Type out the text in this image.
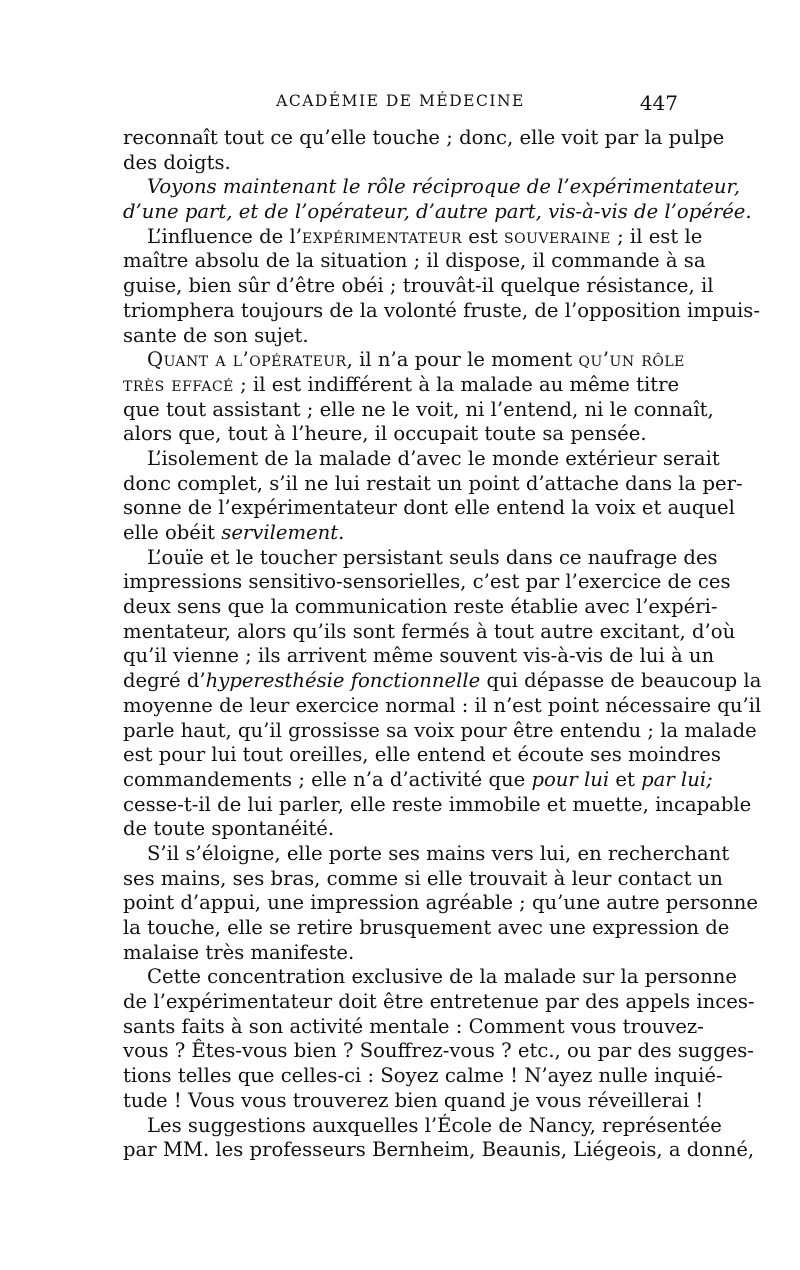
ACADÉMIE DE MÉDECINE	447
reconnaît tout ce qu’elle touche ; donc, elle voit par la pulpe
des doigts.
Voyons maintenant le rôle réciproque de l’expérimentateur,
d’une part, et de l’opérateur, d’autre part, vis-à-vis de l’opérée.
L’influence de l’expérimentateur est souveraine ; il est le
maître absolu de la situation ; il dispose, il commande à sa
guise, bien sûr d’être obéi ; trouvât-il quelque résistance, il
triomphera toujours de la volonté fruste, de l’opposition impuis-
sante de son sujet.
Quant a l’opérateur, il n’a pour le moment qu’un rôle
très effacé ; il est indifférent à la malade au même titre
que tout assistant ; elle ne le voit, ni l’entend, ni le connaît,
alors que, tout à l’heure, il occupait toute sa pensée.
L’isolement de la malade d’avec le monde extérieur serait
donc complet, s’il ne lui restait un point d’attache dans la per-
sonne de l’expérimentateur dont elle entend la voix et auquel
elle obéit servilement.
L’ouïe et le toucher persistant seuls dans ce naufrage des
impressions sensitivo-sensorielles, c’est par l’exercice de ces
deux sens que la communication reste établie avec l’expéri-
mentateur, alors qu’ils sont fermés à tout autre excitant, d’où
qu’il vienne ; ils arrivent même souvent vis-à-vis de lui à un
degré d’hyperesthésie fonctionnelle qui dépasse de beaucoup la
moyenne de leur exercice normal : il n’est point nécessaire qu’il
parle haut, qu’il grossisse sa voix pour être entendu ; la malade
est pour lui tout oreilles, elle entend et écoute ses moindres
commandements ; elle n’a d’activité que pour lui et par lui;
cesse-t-il de lui parler, elle reste immobile et muette, incapable
de toute spontanéité.
S’il s’éloigne, elle porte ses mains vers lui, en recherchant
ses mains, ses bras, comme si elle trouvait à leur contact un
point d’appui, une impression agréable ; qu’une autre personne
la touche, elle se retire brusquement avec une expression de
malaise très manifeste.
Cette concentration exclusive de la malade sur la personne
de l’expérimentateur doit être entretenue par des appels inces-
sants faits à son activité mentale : Comment vous trouvez-
vous ? Êtes-vous bien ? Souffrez-vous ? etc., ou par des sugges-
tions telles que celles-ci : Soyez calme ! N’ayez nulle inquié-
tude ! Vous vous trouverez bien quand je vous réveillerai !
Les suggestions auxquelles l’École de Nancy, représentée
par MM. les professeurs Bernheim, Beaunis, Liégeois, a donné,
